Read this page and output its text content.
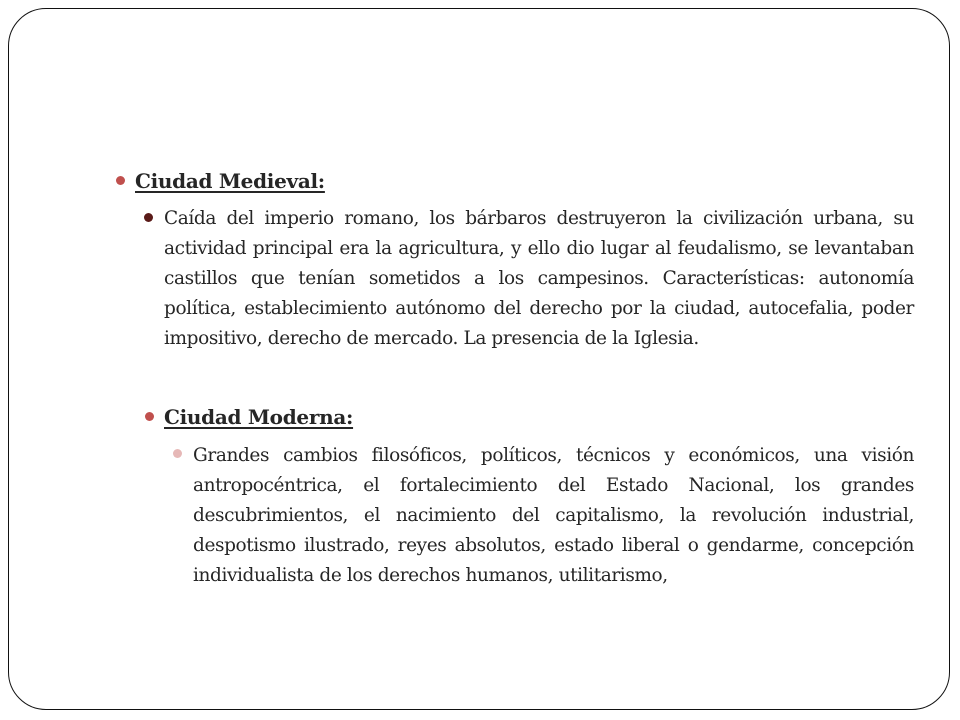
Ciudad Medieval:

Caída del imperio romano, los bárbaros destruyeron la civilización urbana, su actividad principal era la agricultura, y ello dio lugar al feudalismo, se levantaban castillos que tenían sometidos a los campesinos. Características: autonomía política, establecimiento autónomo del derecho por la ciudad, autocefalia, poder impositivo, derecho de mercado. La presencia de la Iglesia.

Ciudad Moderna:

Grandes cambios filosóficos, políticos, técnicos y económicos, una visión antropocéntrica, el fortalecimiento del Estado Nacional, los grandes descubrimientos, el nacimiento del capitalismo, la revolución industrial, despotismo ilustrado, reyes absolutos, estado liberal o gendarme, concepción individualista de los derechos humanos, utilitarismo,
